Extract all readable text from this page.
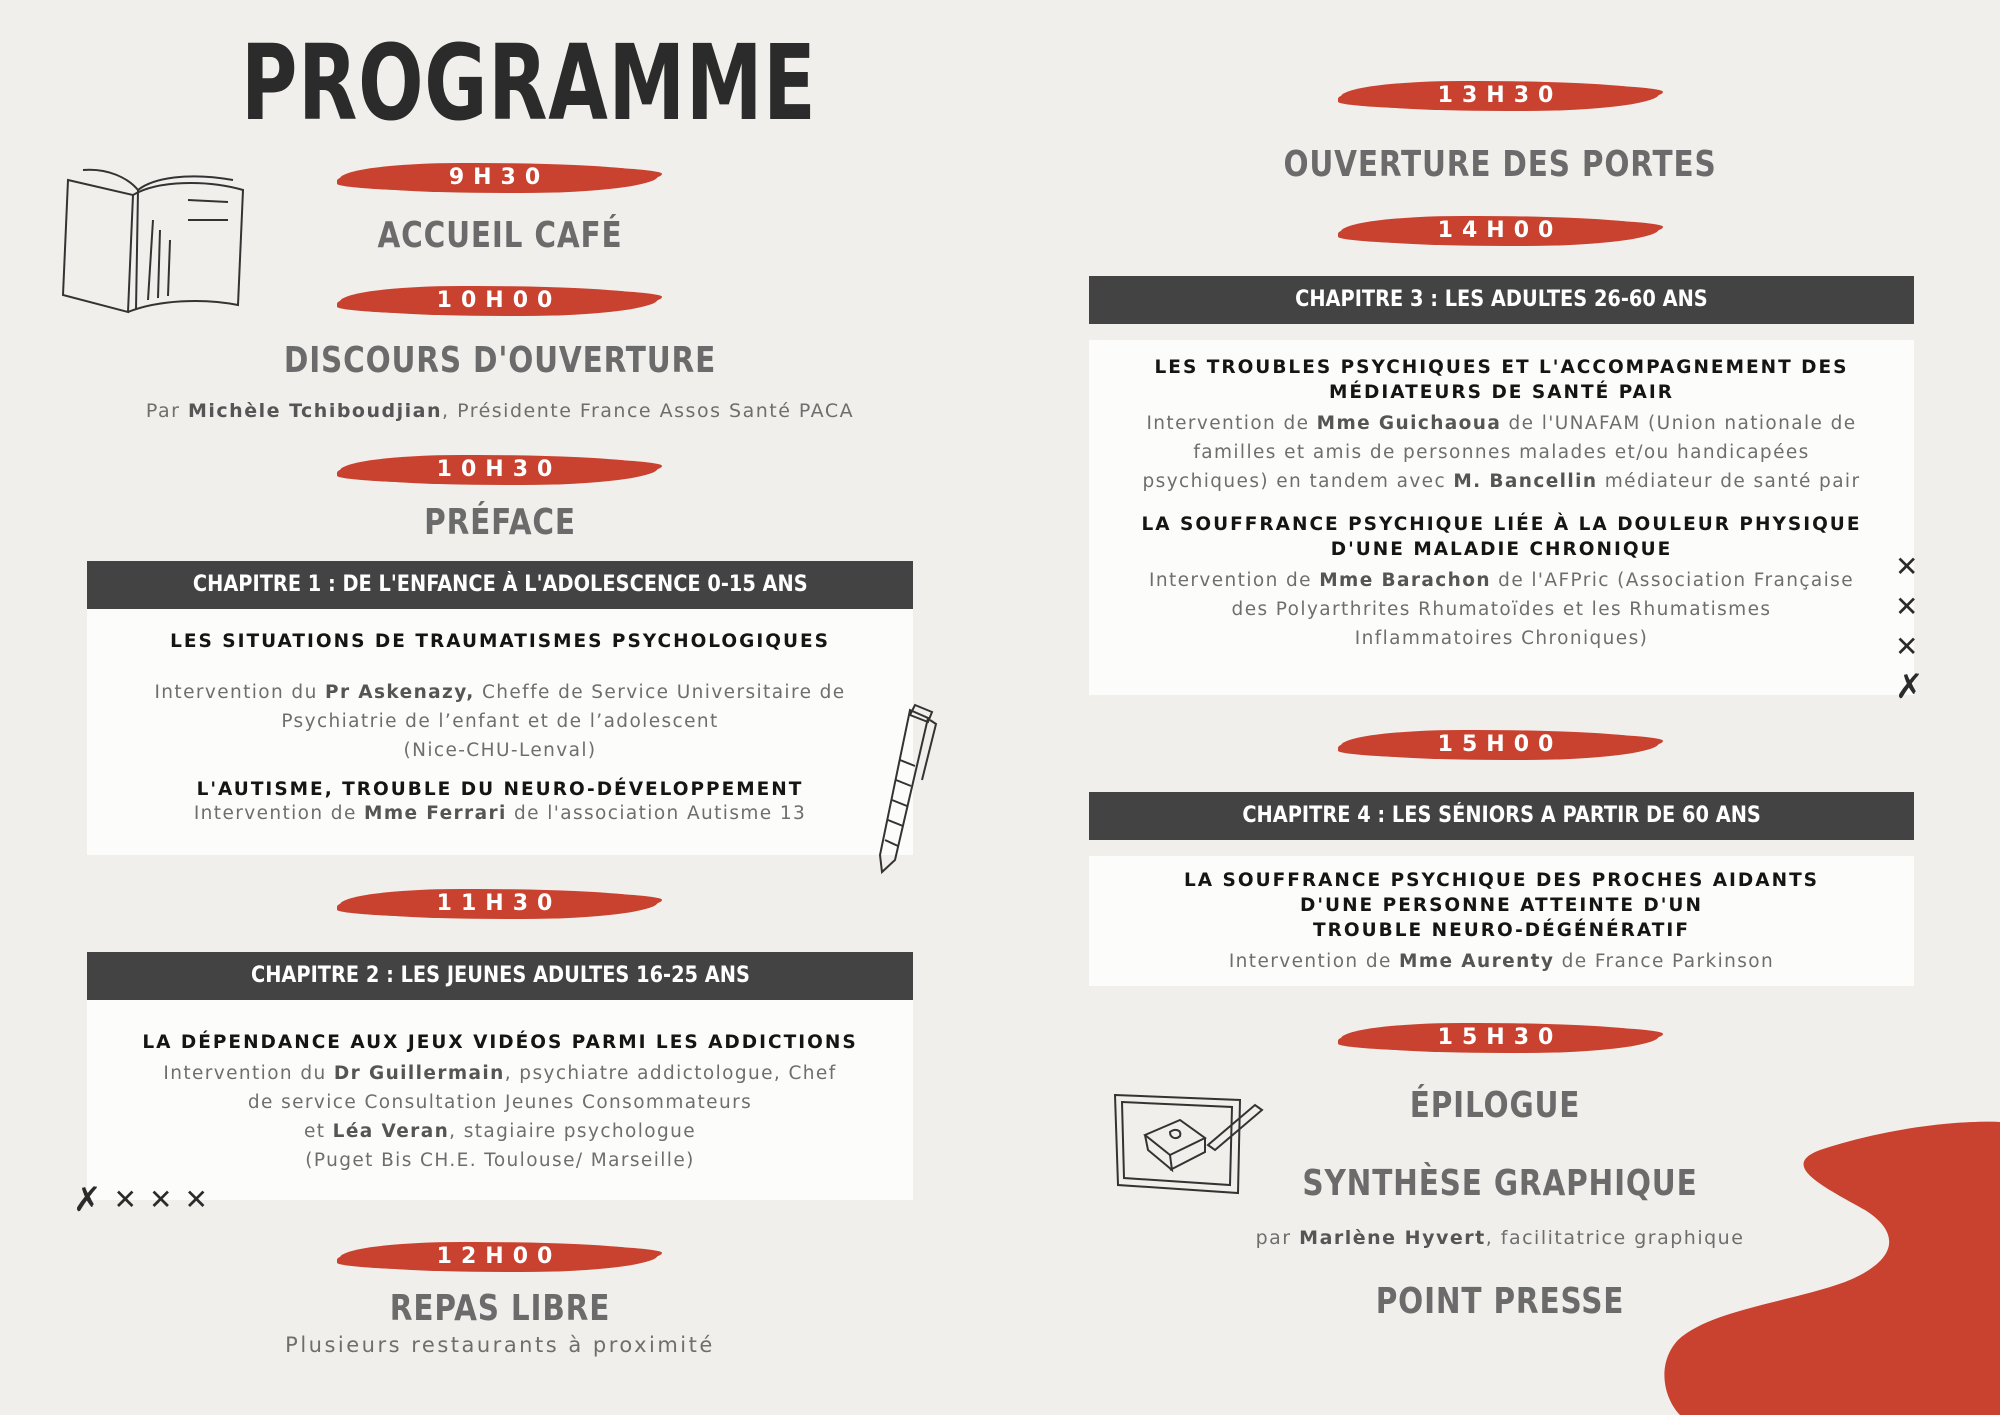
PROGRAMME
9H30
ACCUEIL CAFÉ
10H00
DISCOURS D'OUVERTURE
Par Michèle Tchiboudjian, Présidente France Assos Santé PACA
10H30
PRÉFACE
CHAPITRE 1 : DE L'ENFANCE À L'ADOLESCENCE 0-15 ANS
LES SITUATIONS DE TRAUMATISMES PSYCHOLOGIQUES
Intervention du Pr Askenazy, Cheffe de Service Universitaire de
Psychiatrie de l’enfant et de l’adolescent
(Nice-CHU-Lenval)
L'AUTISME, TROUBLE DU NEURO-DÉVELOPPEMENT
Intervention de Mme Ferrari de l'association Autisme 13
11H30
CHAPITRE 2 : LES JEUNES ADULTES 16-25 ANS
LA DÉPENDANCE AUX JEUX VIDÉOS PARMI LES ADDICTIONS
Intervention du Dr Guillermain, psychiatre addictologue, Chef
de service Consultation Jeunes Consommateurs
et Léa Veran, stagiaire psychologue
(Puget Bis CH.E. Toulouse/ Marseille)
✗ ✕ ✕ ✕
12H00
REPAS LIBRE
Plusieurs restaurants à proximité
13H30
OUVERTURE DES PORTES
14H00
CHAPITRE 3 : LES ADULTES 26-60 ANS
LES TROUBLES PSYCHIQUES ET L'ACCOMPAGNEMENT DES
MÉDIATEURS DE SANTÉ PAIR
Intervention de Mme Guichaoua de l'UNAFAM (Union nationale de
familles et amis de personnes malades et/ou handicapées
psychiques) en tandem avec M. Bancellin médiateur de santé pair
LA SOUFFRANCE PSYCHIQUE LIÉE À LA DOULEUR PHYSIQUE
D'UNE MALADIE CHRONIQUE
Intervention de Mme Barachon de l'AFPric (Association Française
des Polyarthrites Rhumatoïdes et les Rhumatismes
Inflammatoires Chroniques)
✕
✕
✕
✗
15H00
CHAPITRE 4 : LES SÉNIORS A PARTIR DE 60 ANS
LA SOUFFRANCE PSYCHIQUE DES PROCHES AIDANTS
D'UNE PERSONNE ATTEINTE D'UN
TROUBLE NEURO-DÉGÉNÉRATIF
Intervention de Mme Aurenty de France Parkinson
15H30
ÉPILOGUE
SYNTHÈSE GRAPHIQUE
par Marlène Hyvert, facilitatrice graphique
POINT PRESSE
